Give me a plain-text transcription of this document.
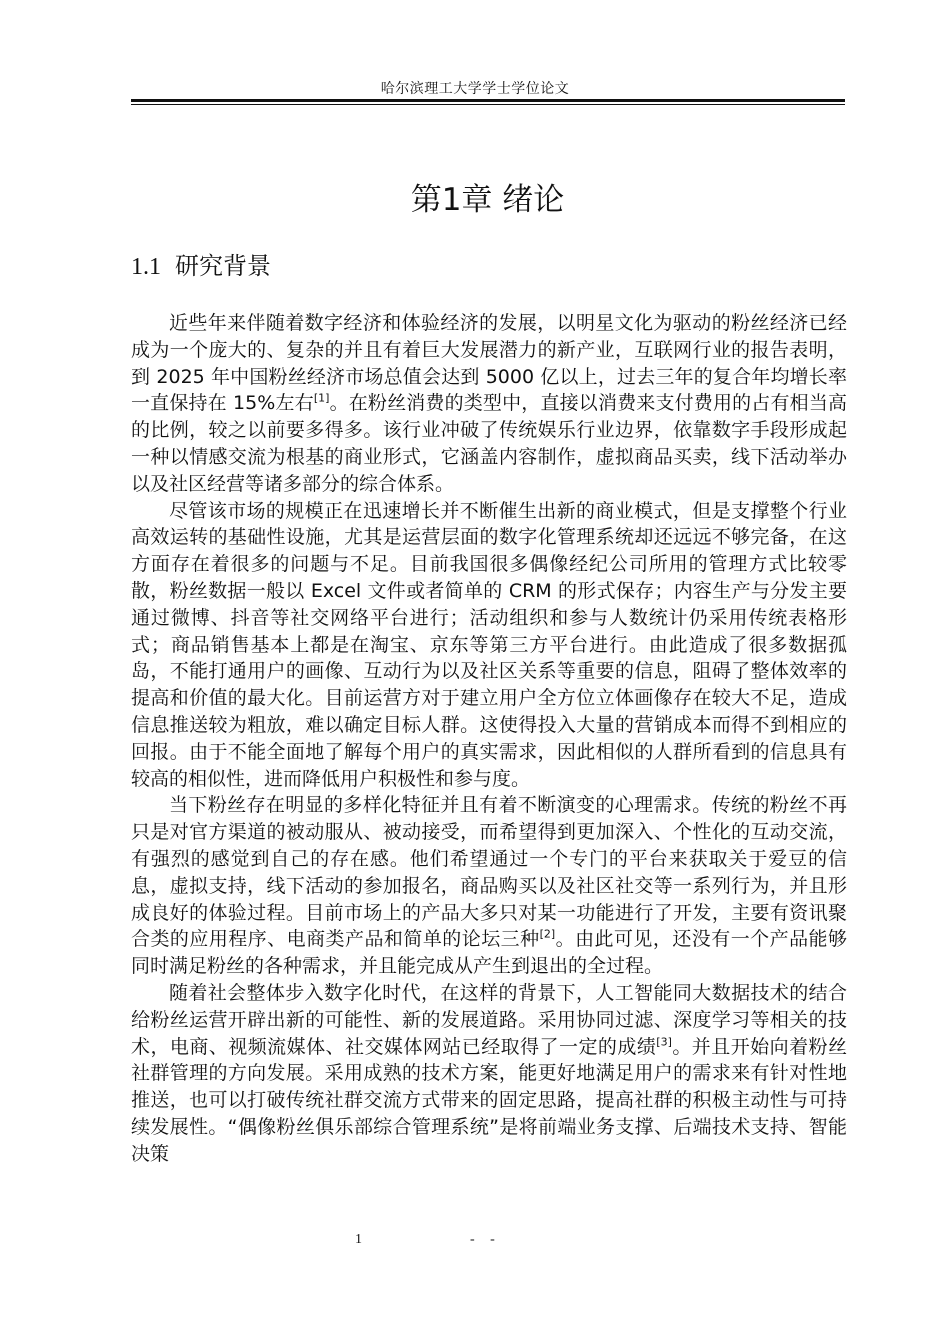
哈尔滨理工大学学士学位论文
第1章 绪论
1.1 研究背景

近些年来伴随着数字经济和体验经济的发展，以明星文化为驱动的粉丝经济已经成为一个庞大的、复杂的并且有着巨大发展潜力的新产业，互联网行业的报告表明，到 2025 年中国粉丝经济市场总值会达到 5000 亿以上，过去三年的复合年均增长率一直保持在 15%左右[1]。在粉丝消费的类型中，直接以消费来支付费用的占有相当高的比例，较之以前要多得多。该行业冲破了传统娱乐行业边界，依靠数字手段形成起一种以情感交流为根基的商业形式，它涵盖内容制作，虚拟商品买卖，线下活动举办以及社区经营等诸多部分的综合体系。

尽管该市场的规模正在迅速增长并不断催生出新的商业模式，但是支撑整个行业高效运转的基础性设施，尤其是运营层面的数字化管理系统却还远远不够完备，在这方面存在着很多的问题与不足。目前我国很多偶像经纪公司所用的管理方式比较零散，粉丝数据一般以 Excel 文件或者简单的 CRM 的形式保存；内容生产与分发主要通过微博、抖音等社交网络平台进行；活动组织和参与人数统计仍采用传统表格形式；商品销售基本上都是在淘宝、京东等第三方平台进行。由此造成了很多数据孤岛，不能打通用户的画像、互动行为以及社区关系等重要的信息，阻碍了整体效率的提高和价值的最大化。目前运营方对于建立用户全方位立体画像存在较大不足，造成信息推送较为粗放，难以确定目标人群。这使得投入大量的营销成本而得不到相应的回报。由于不能全面地了解每个用户的真实需求，因此相似的人群所看到的信息具有较高的相似性，进而降低用户积极性和参与度。

当下粉丝存在明显的多样化特征并且有着不断演变的心理需求。传统的粉丝不再只是对官方渠道的被动服从、被动接受，而希望得到更加深入、个性化的互动交流，有强烈的感觉到自己的存在感。他们希望通过一个专门的平台来获取关于爱豆的信息，虚拟支持，线下活动的参加报名，商品购买以及社区社交等一系列行为，并且形成良好的体验过程。目前市场上的产品大多只对某一功能进行了开发，主要有资讯聚合类的应用程序、电商类产品和简单的论坛三种[2]。由此可见，还没有一个产品能够同时满足粉丝的各种需求，并且能完成从产生到退出的全过程。

随着社会整体步入数字化时代，在这样的背景下，人工智能同大数据技术的结合给粉丝运营开辟出新的可能性、新的发展道路。采用协同过滤、深度学习等相关的技术，电商、视频流媒体、社交媒体网站已经取得了一定的成绩[3]。并且开始向着粉丝社群管理的方向发展。采用成熟的技术方案，能更好地满足用户的需求来有针对性地推送，也可以打破传统社群交流方式带来的固定思路，提高社群的积极主动性与可持续发展性。“偶像粉丝俱乐部综合管理系统”是将前端业务支撑、后端技术支持、智能决策

1	- -
